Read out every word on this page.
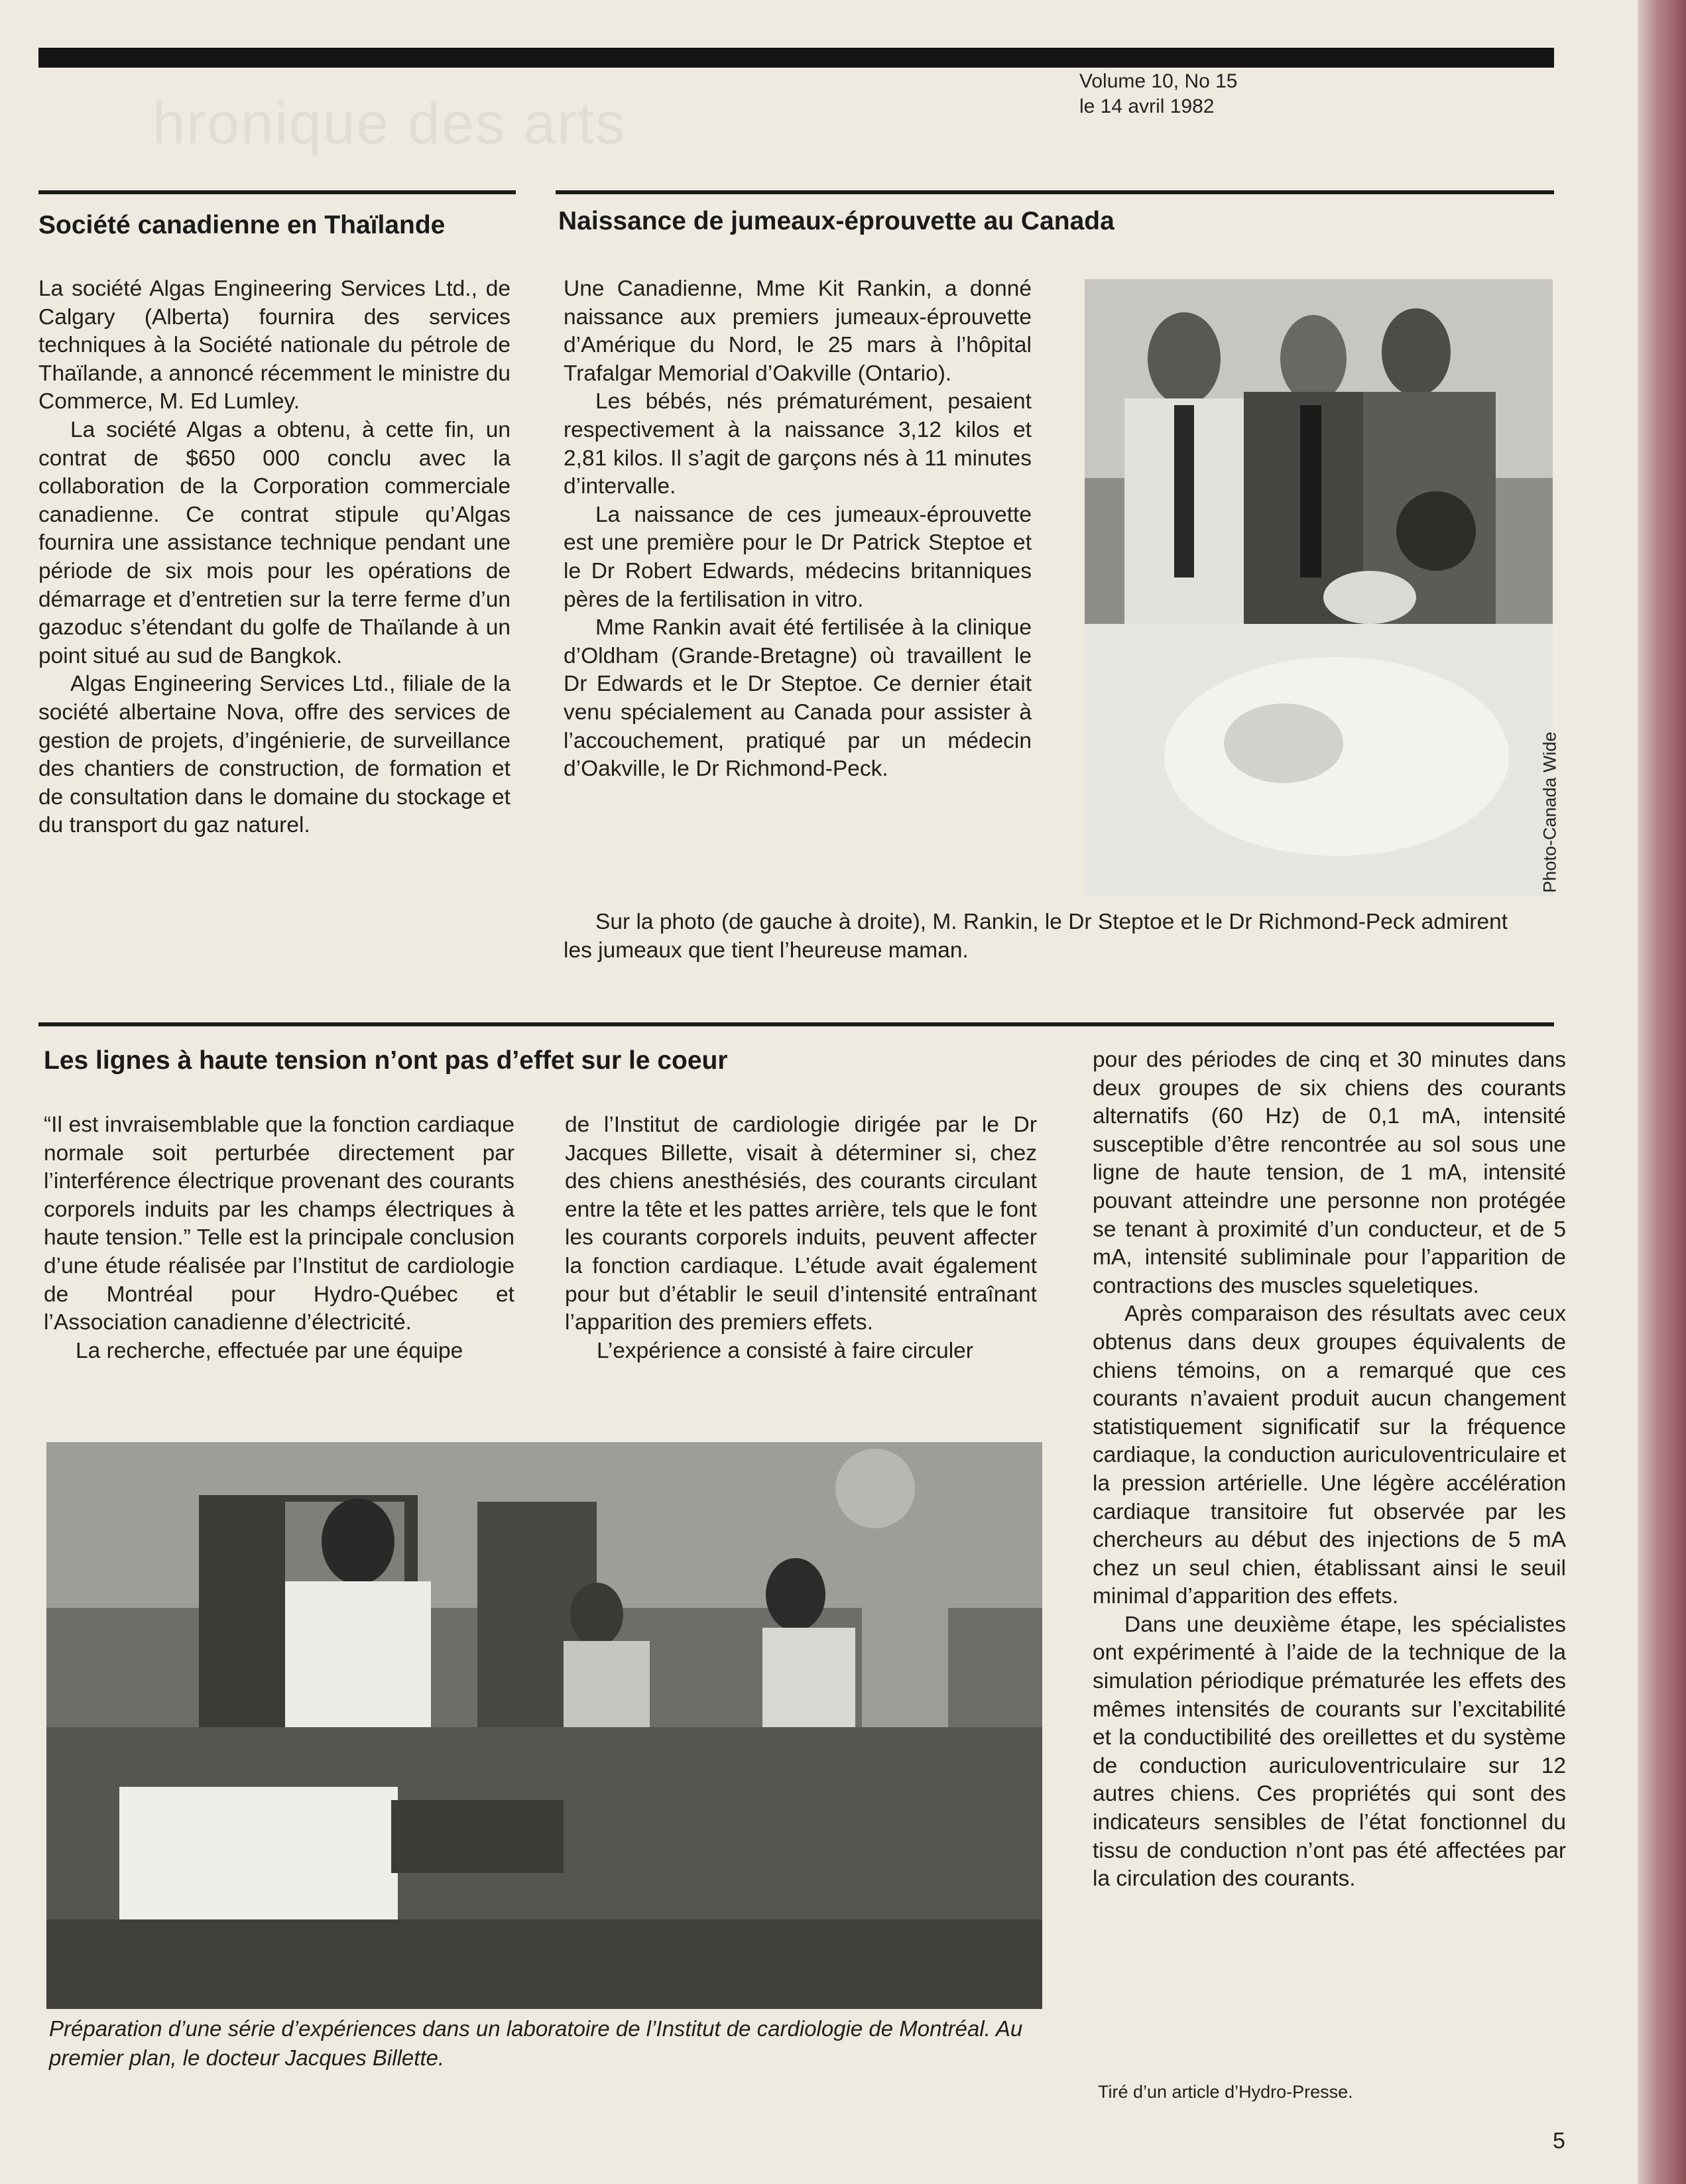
hronique des arts
Volume 10, No 15
le 14 avril 1982
Société canadienne en Thaïlande

La société Algas Engineering Services Ltd., de Calgary (Alberta) fournira des services techniques à la Société nationale du pétrole de Thaïlande, a annoncé récemment le ministre du Commerce, M. Ed Lumley.

La société Algas a obtenu, à cette fin, un contrat de $650 000 conclu avec la collaboration de la Corporation commerciale canadienne. Ce contrat stipule qu’Algas fournira une assistance technique pendant une période de six mois pour les opérations de démarrage et d’entretien sur la terre ferme d’un gazoduc s’étendant du golfe de Thaïlande à un point situé au sud de Bangkok.

Algas Engineering Services Ltd., filiale de la société albertaine Nova, offre des services de gestion de projets, d’ingénierie, de surveillance des chantiers de construction, de formation et de consultation dans le domaine du stockage et du transport du gaz naturel.

Naissance de jumeaux-éprouvette au Canada

Une Canadienne, Mme Kit Rankin, a donné naissance aux premiers jumeaux-éprouvette d’Amérique du Nord, le 25 mars à l’hôpital Trafalgar Memorial d’Oakville (Ontario).

Les bébés, nés prématurément, pesaient respectivement à la naissance 3,12 kilos et 2,81 kilos. Il s’agit de garçons nés à 11 minutes d’intervalle.

La naissance de ces jumeaux-éprouvette est une première pour le Dr Patrick Steptoe et le Dr Robert Edwards, médecins britanniques pères de la fertilisation in vitro.

Mme Rankin avait été fertilisée à la clinique d’Oldham (Grande-Bretagne) où travaillent le Dr Edwards et le Dr Steptoe. Ce dernier était venu spécialement au Canada pour assister à l’accouchement, pratiqué par un médecin d’Oakville, le Dr Richmond-Peck.	Photo-Canada Wide

Sur la photo (de gauche à droite), M. Rankin, le Dr Steptoe et le Dr Richmond-Peck admirent les jumeaux que tient l’heureuse maman.

Les lignes à haute tension n’ont pas d’effet sur le coeur

“Il est invraisemblable que la fonction cardiaque normale soit perturbée directement par l’interférence électrique provenant des courants corporels induits par les champs électriques à haute tension.” Telle est la principale conclusion d’une étude réalisée par l’Institut de cardiologie de Montréal pour Hydro-Québec et l’Association canadienne d’électricité.

La recherche, effectuée par une équipe

de l’Institut de cardiologie dirigée par le Dr Jacques Billette, visait à déterminer si, chez des chiens anesthésiés, des courants circulant entre la tête et les pattes arrière, tels que le font les courants corporels induits, peuvent affecter la fonction cardiaque. L’étude avait également pour but d’établir le seuil d’intensité entraînant l’apparition des premiers effets.

L’expérience a consisté à faire circuler

pour des périodes de cinq et 30 minutes dans deux groupes de six chiens des courants alternatifs (60 Hz) de 0,1 mA, intensité susceptible d’être rencontrée au sol sous une ligne de haute tension, de 1 mA, intensité pouvant atteindre une personne non protégée se tenant à proximité d’un conducteur, et de 5 mA, intensité subliminale pour l’apparition de contractions des muscles squeletiques.

Après comparaison des résultats avec ceux obtenus dans deux groupes équivalents de chiens témoins, on a remarqué que ces courants n’avaient produit aucun changement statistiquement significatif sur la fréquence cardiaque, la conduction auriculoventriculaire et la pression artérielle. Une légère accélération cardiaque transitoire fut observée par les chercheurs au début des injections de 5 mA chez un seul chien, établissant ainsi le seuil minimal d’apparition des effets.

Dans une deuxième étape, les spécialistes ont expérimenté à l’aide de la technique de la simulation périodique prématurée les effets des mêmes intensités de courants sur l’excitabilité et la conductibilité des oreillettes et du système de conduction auriculoventriculaire sur 12 autres chiens. Ces propriétés qui sont des indicateurs sensibles de l’état fonctionnel du tissu de conduction n’ont pas été affectées par la circulation des courants.

Tiré d’un article d’Hydro-Presse.
Préparation d’une série d’expériences dans un laboratoire de l’Institut de cardiologie de Montréal. Au premier plan, le docteur Jacques Billette.
5
